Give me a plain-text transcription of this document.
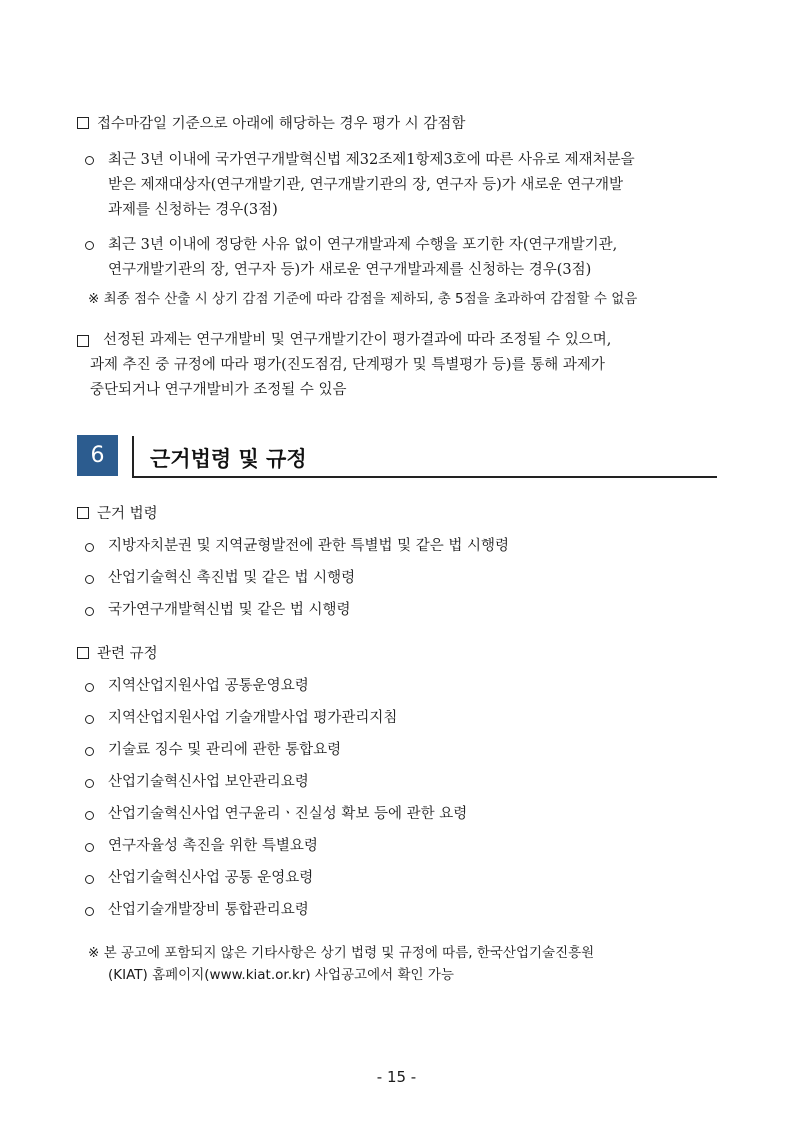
접수마감일 기준으로 아래에 해당하는 경우 평가 시 감점함
최근 3년 이내에 국가연구개발혁신법 제32조제1항제3호에 따른 사유로 제재처분을
받은 제재대상자(연구개발기관, 연구개발기관의 장, 연구자 등)가 새로운 연구개발
과제를 신청하는 경우(3점)
최근 3년 이내에 정당한 사유 없이 연구개발과제 수행을 포기한 자(연구개발기관,
연구개발기관의 장, 연구자 등)가 새로운 연구개발과제를 신청하는 경우(3점)
※ 최종 점수 산출 시 상기 감점 기준에 따라 감점을 제하되, 총 5점을 초과하여 감점할 수 없음
선정된 과제는 연구개발비 및 연구개발기간이 평가결과에 따라 조정될 수 있으며,
과제 추진 중 규정에 따라 평가(진도점검, 단계평가 및 특별평가 등)를 통해 과제가
중단되거나 연구개발비가 조정될 수 있음
6	근거법령 및 규정
근거 법령
지방자치분권 및 지역균형발전에 관한 특별법 및 같은 법 시행령
산업기술혁신 촉진법 및 같은 법 시행령
국가연구개발혁신법 및 같은 법 시행령
관련 규정
지역산업지원사업 공통운영요령
지역산업지원사업 기술개발사업 평가관리지침
기술료 징수 및 관리에 관한 통합요령
산업기술혁신사업 보안관리요령
산업기술혁신사업 연구윤리ㆍ진실성 확보 등에 관한 요령
연구자율성 촉진을 위한 특별요령
산업기술혁신사업 공통 운영요령
산업기술개발장비 통합관리요령
※ 본 공고에 포함되지 않은 기타사항은 상기 법령 및 규정에 따름, 한국산업기술진흥원
(KIAT) 홈페이지(www.kiat.or.kr) 사업공고에서 확인 가능
- 15 -
